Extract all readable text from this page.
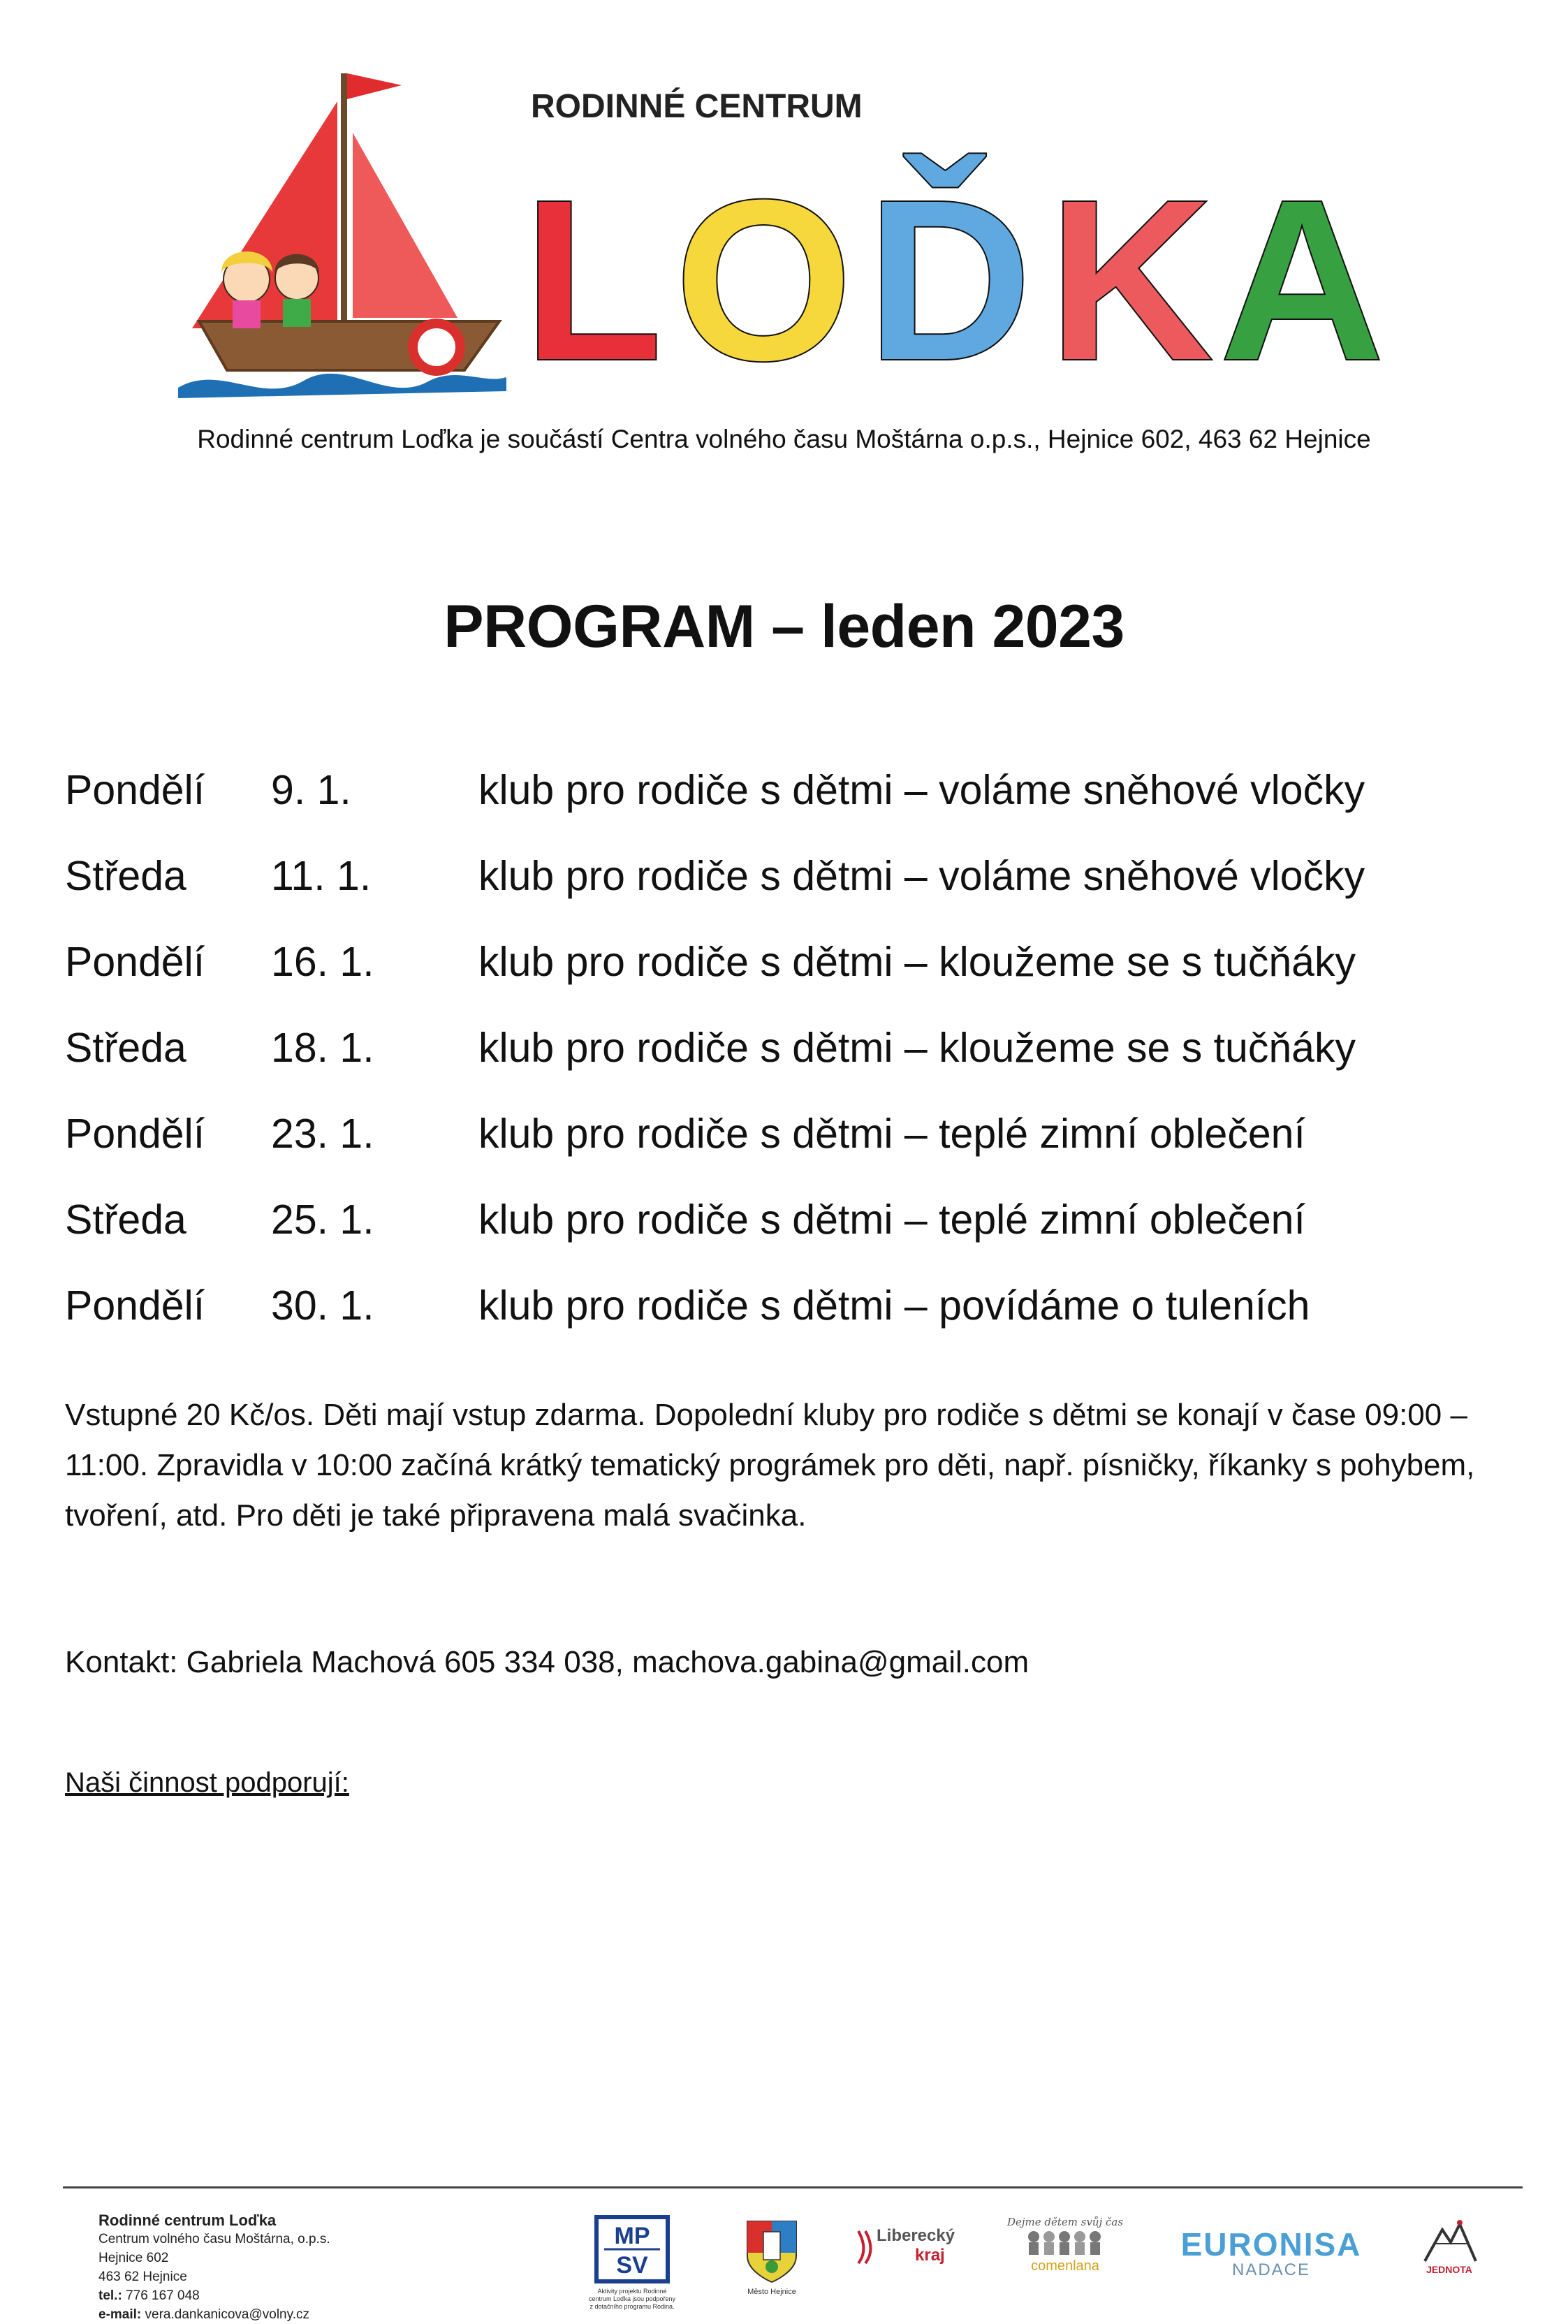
RODINNÉ CENTRUM
L O Ď K A
Rodinné centrum Loďka je součástí Centra volného času Moštárna o.p.s., Hejnice 602, 463 62 Hejnice
PROGRAM – leden 2023
Pondělí 9. 1.	klub pro rodiče s dětmi – voláme sněhové vločky
Středa 11. 1.	klub pro rodiče s dětmi – voláme sněhové vločky
Pondělí 16. 1.	klub pro rodiče s dětmi – kloužeme se s tučňáky
Středa 18. 1.	klub pro rodiče s dětmi – kloužeme se s tučňáky
Pondělí 23. 1.	klub pro rodiče s dětmi – teplé zimní oblečení
Středa 25. 1.	klub pro rodiče s dětmi – teplé zimní oblečení
Pondělí 30. 1.	klub pro rodiče s dětmi – povídáme o tuleních
Vstupné 20 Kč/os. Děti mají vstup zdarma. Dopolední kluby pro rodiče s dětmi se konají v čase 09:00 –
11:00. Zpravidla v 10:00 začíná krátký tematický prográmek pro děti, např. písničky, říkanky s pohybem,
tvoření, atd. Pro děti je také připravena malá svačinka.
Kontakt: Gabriela Machová 605 334 038, machova.gabina@gmail.com
Naši činnost podporují:
Rodinné centrum Loďka
Centrum volného času Moštárna, o.p.s.
Hejnice 602
463 62 Hejnice
tel.: 776 167 048
e-mail: vera.dankanicova@volny.cz
MP
SV
Aktivity projektu Rodinné centrum Loďka jsou podpořeny z dotačního programu Rodina.
Město Hejnice
Liberecký
kraj
Dejme dětem svůj čas
comenlana
EURONISA
NADACE	JEDNOTA
